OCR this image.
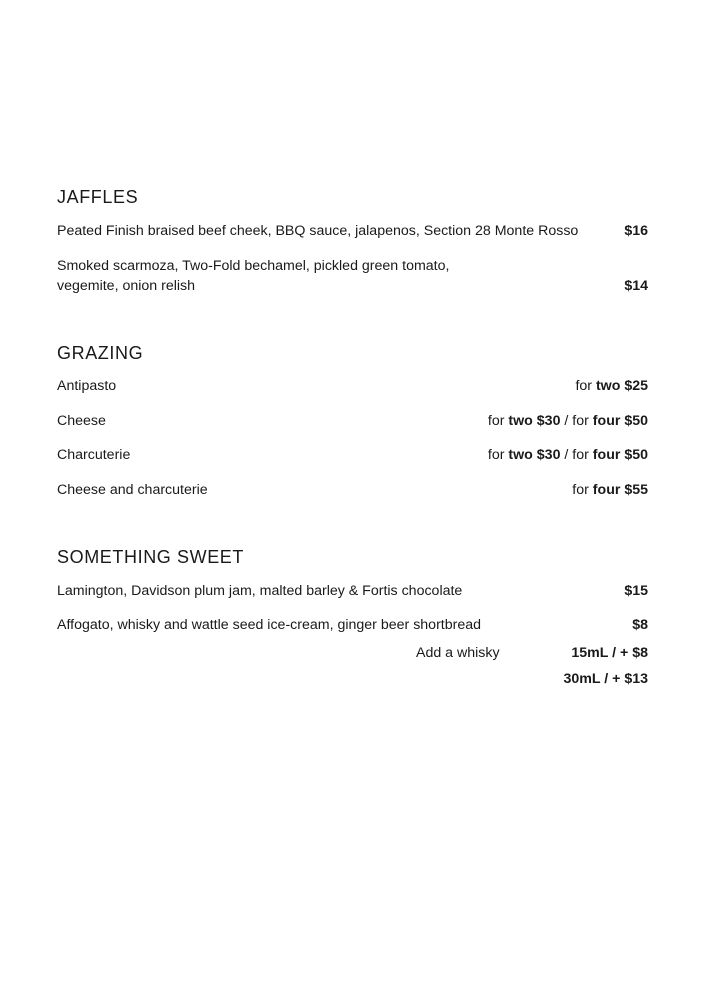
JAFFLES
Peated Finish braised beef cheek, BBQ sauce, jalapenos, Section 28 Monte Rosso	$16
Smoked scarmoza, Two-Fold bechamel, pickled green tomato,
vegemite, onion relish	$14
GRAZING
Antipasto	for two $25
Cheese	for two $30 / for four $50
Charcuterie	for two $30 / for four $50
Cheese and charcuterie	for four $55
SOMETHING SWEET
Lamington, Davidson plum jam, malted barley & Fortis chocolate	$15
Affogato, whisky and wattle seed ice-cream, ginger beer shortbread	$8
Add a whisky	15mL / + $8
30mL / + $13
